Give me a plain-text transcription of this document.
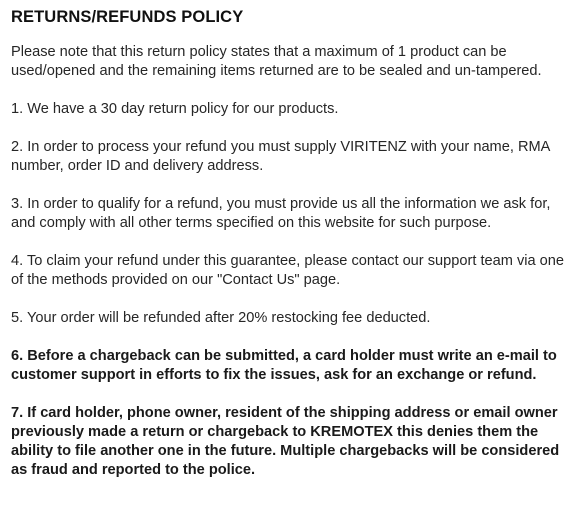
RETURNS/REFUNDS POLICY

Please note that this return policy states that a maximum of 1 product can be used/opened and the remaining items returned are to be sealed and un-tampered.

1. We have a 30 day return policy for our products.

2. In order to process your refund you must supply VIRITENZ with your name, RMA number, order ID and delivery address.

3. In order to qualify for a refund, you must provide us all the information we ask for, and comply with all other terms specified on this website for such purpose.

4. To claim your refund under this guarantee, please contact our support team via one of the methods provided on our "Contact Us" page.

5. Your order will be refunded after 20% restocking fee deducted.

6. Before a chargeback can be submitted, a card holder must write an e-mail to customer support in efforts to fix the issues, ask for an exchange or refund.

7. If card holder, phone owner, resident of the shipping address or email owner previously made a return or chargeback to KREMOTEX this denies them the ability to file another one in the future. Multiple chargebacks will be considered as fraud and reported to the police.
